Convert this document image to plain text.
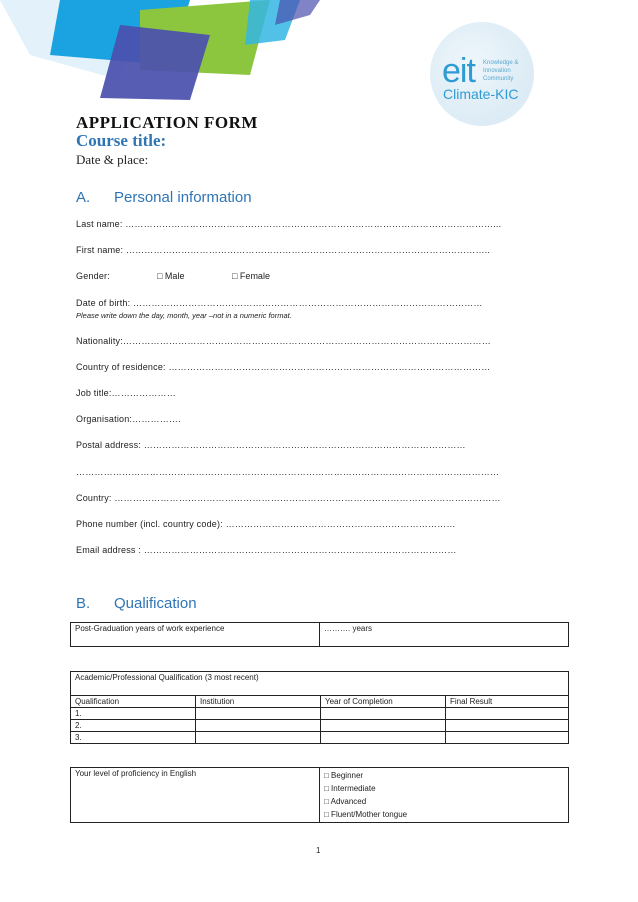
eit Knowledge &
Innovation
Community
Climate-KIC
APPLICATION FORM
Course title:
Date & place:
A. Personal information
Last name: …………………………………………………………………………………………………………...
First name: ………………………………………………………………………………………………………..
Gender:	□ Male	□ Female
Date of birth: ……………………………………………………………………………………………………
Please write down the day, month, year –not in a numeric format.
Nationality:…………………………………………………………………………………………………………
Country of residence: ……………………………………………………………………………………………
Job title:…………………
Organisation:…………….
Postal address: ……………………………………………………………………………………………
…………………………………………………………………………………………………………………………
Country: ………………………………………………………………………………………………………………
Phone number (incl. country code): …………………………………………………………………
Email address : …………………………………………………………………………………………
B. Qualification
Post-Graduation years of work experience	………. years
Academic/Professional Qualification (3 most recent)			
Qualification	Institution	Year of Completion	Final Result
1.			
2.			
3.			
Your level of proficiency in English	□ Beginner
□ Intermediate
□ Advanced
□ Fluent/Mother tongue
1
